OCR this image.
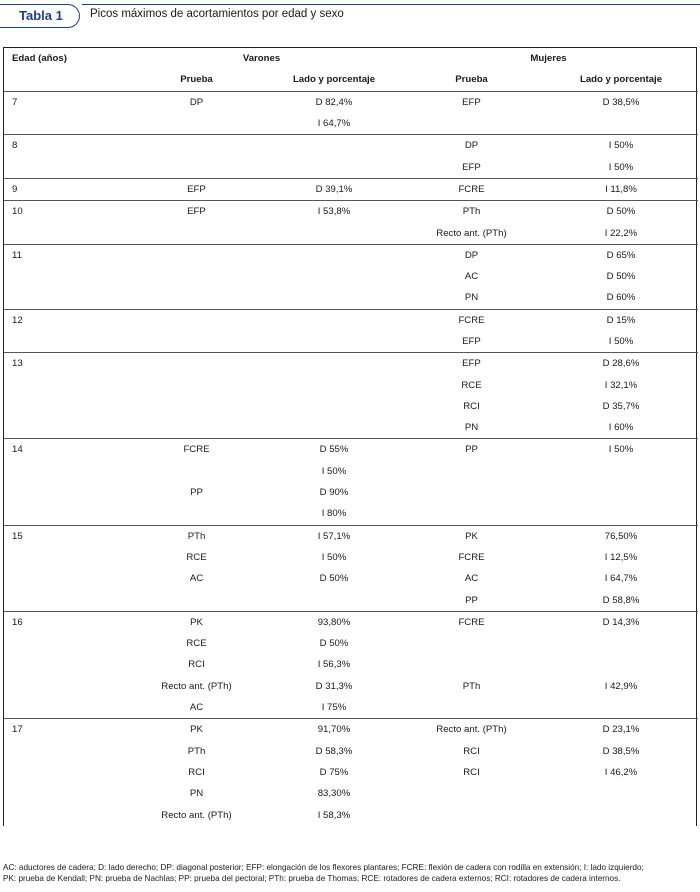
Tabla 1 Picos máximos de acortamientos por edad y sexo
Edad (años)	Varones		Mujeres	
	Prueba	Lado y porcentaje	Prueba	Lado y porcentaje
7	DP	D 82,4%	EFP	D 38,5%
		I 64,7%		
8			DP	I 50%
			EFP	I 50%
9	EFP	D 39,1%	FCRE	I 11,8%
10	EFP	I 53,8%	PTh	D 50%
			Recto ant. (PTh)	I 22,2%
11			DP	D 65%
			AC	D 50%
			PN	D 60%
12			FCRE	D 15%
			EFP	I 50%
13			EFP	D 28,6%
			RCE	I 32,1%
			RCI	D 35,7%
			PN	I 60%
14	FCRE	D 55%	PP	I 50%
		I 50%		
	PP	D 90%		
		I 80%		
15	PTh	I 57,1%	PK	76,50%
	RCE	I 50%	FCRE	I 12,5%
	AC	D 50%	AC	I 64,7%
			PP	D 58,8%
16	PK	93,80%	FCRE	D 14,3%
	RCE	D 50%		
	RCI	I 56,3%		
	Recto ant. (PTh)	D 31,3%	PTh	I 42,9%
	AC	I 75%		
17	PK	91,70%	Recto ant. (PTh)	D 23,1%
	PTh	D 58,3%	RCI	D 38,5%
	RCI	D 75%	RCI	I 46,2%
	PN	83,30%		
	Recto ant. (PTh)	I 58,3%		
AC: aductores de cadera; D: lado derecho; DP: diagonal posterior; EFP: elongación de los flexores plantares; FCRE: flexión de cadera con rodilla en extensión; I: lado izquierdo;
PK: prueba de Kendall; PN: prueba de Nachlas; PP: prueba del pectoral; PTh: prueba de Thomas; RCE: rotadores de cadera externos; RCI: rotadores de cadera internos.
